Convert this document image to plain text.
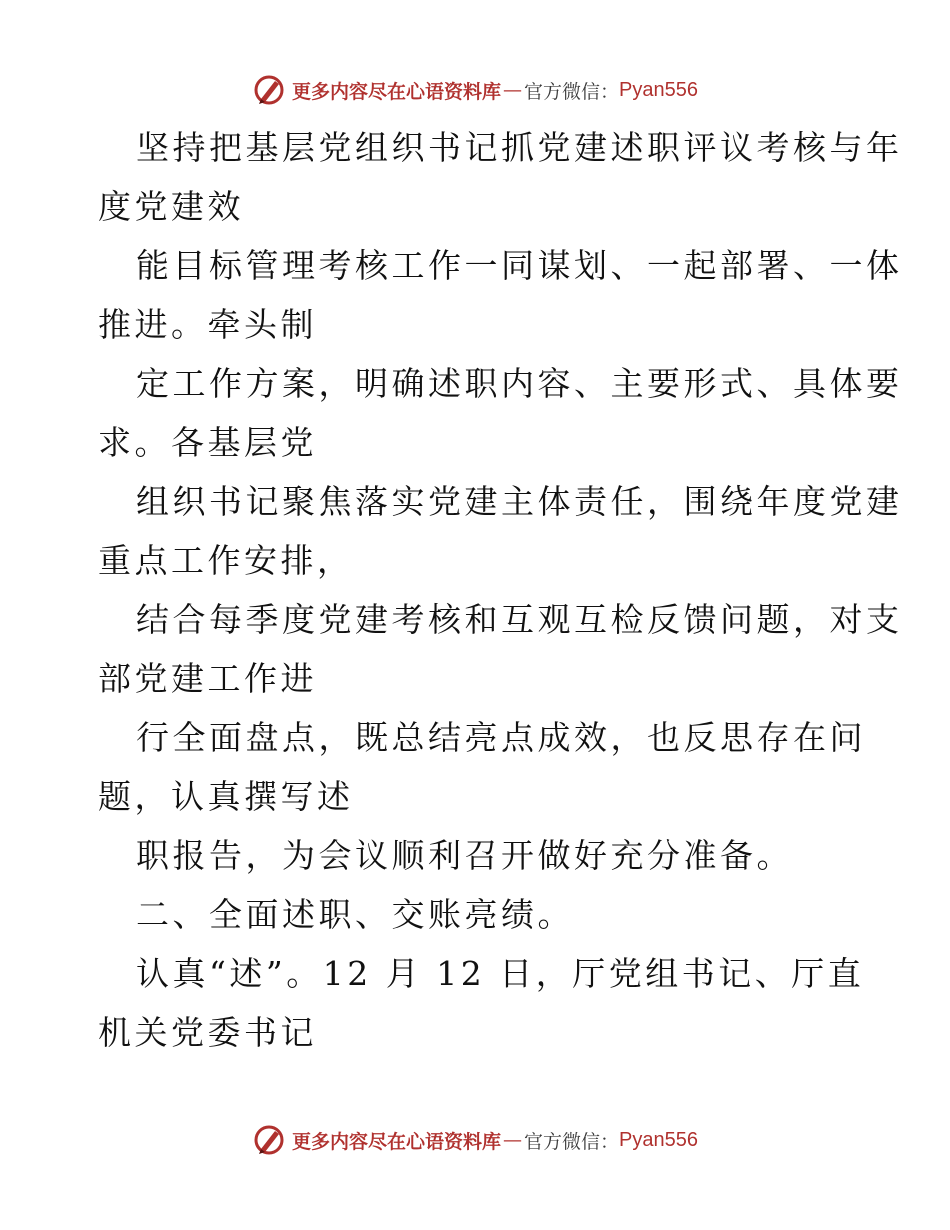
更多内容尽在心语资料库 — 官方微信： Pyan556
坚持把基层党组织书记抓党建述职评议考核与年
度党建效
能目标管理考核工作一同谋划、一起部署、一体
推进。牵头制
定工作方案，明确述职内容、主要形式、具体要
求。各基层党
组织书记聚焦落实党建主体责任，围绕年度党建
重点工作安排，
结合每季度党建考核和互观互检反馈问题，对支
部党建工作进
行全面盘点，既总结亮点成效，也反思存在问
题，认真撰写述
职报告，为会议顺利召开做好充分准备。
二、全面述职、交账亮绩。
认真“述”。12 月 12 日，厅党组书记、厅直
机关党委书记
更多内容尽在心语资料库 — 官方微信： Pyan556
